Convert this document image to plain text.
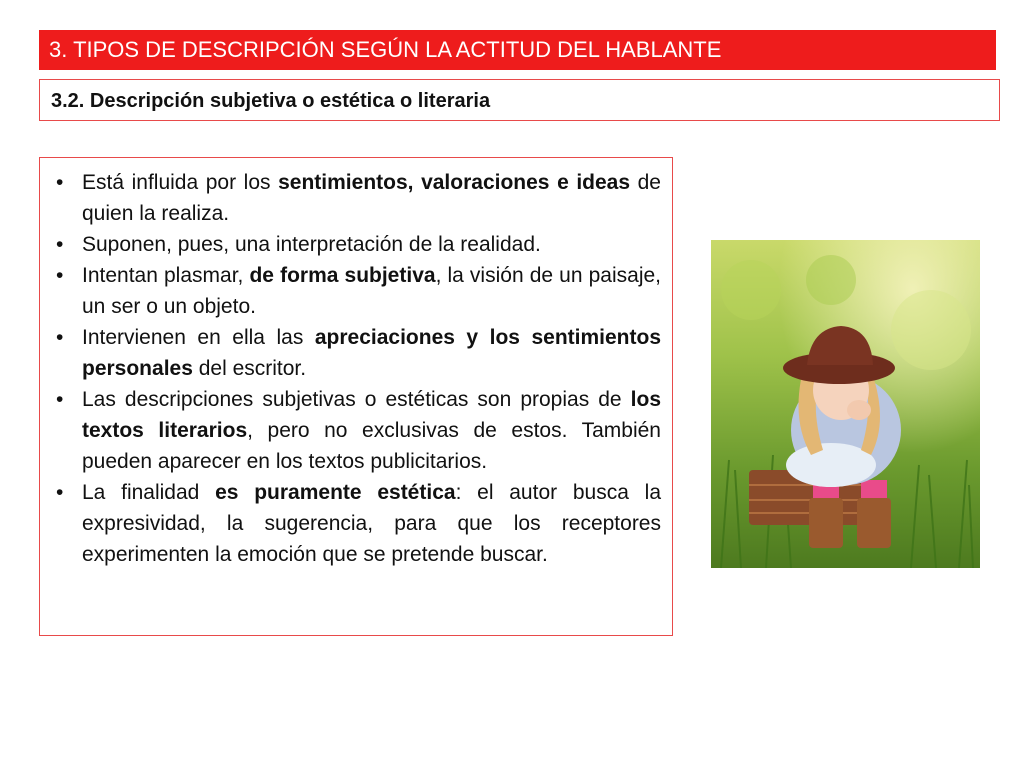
3. TIPOS DE DESCRIPCIÓN SEGÚN LA ACTITUD DEL HABLANTE
3.2. Descripción subjetiva o estética o literaria
• Está influida por los sentimientos, valoraciones e ideas de quien la realiza.
• Suponen, pues, una interpretación de la realidad.
• Intentan plasmar, de forma subjetiva, la visión de un paisaje, un ser o un objeto.
• Intervienen en ella las apreciaciones y los sentimientos personales del escritor.
• Las descripciones subjetivas o estéticas son propias de los textos literarios, pero no exclusivas de estos. También pueden aparecer en los textos publicitarios.
• La finalidad es puramente estética: el autor busca la expresividad, la sugerencia, para que los receptores experimenten la emoción que se pretende buscar.
